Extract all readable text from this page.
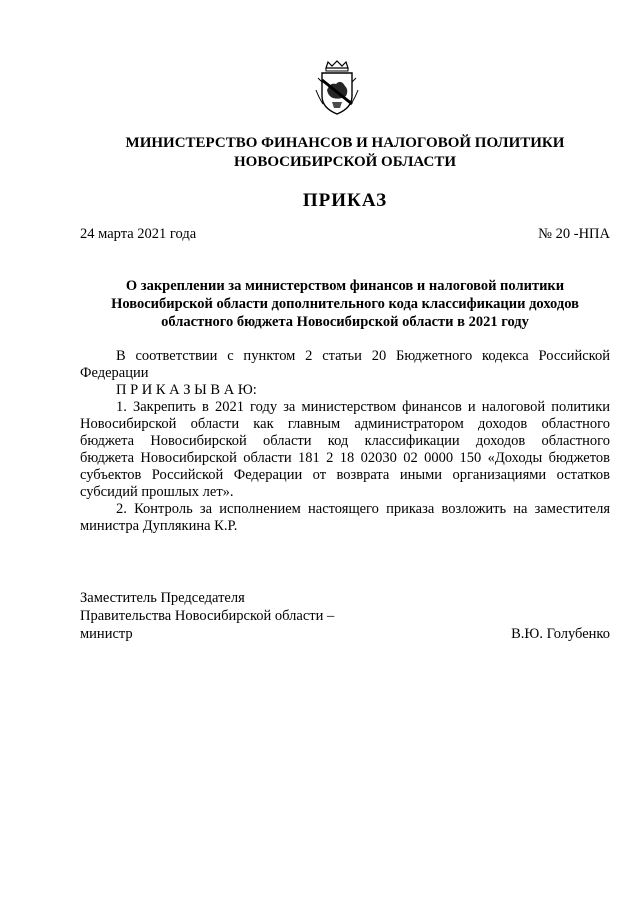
МИНИСТЕРСТВО ФИНАНСОВ И НАЛОГОВОЙ ПОЛИТИКИ
НОВОСИБИРСКОЙ ОБЛАСТИ
ПРИКАЗ
24 марта 2021 года	№ 20 -НПА
О закреплении за министерством финансов и налоговой политики
Новосибирской области дополнительного кода классификации доходов
областного бюджета Новосибирской области в 2021 году
В соответствии с пунктом 2 статьи 20 Бюджетного кодекса Российской
Федерации
П Р И К А З Ы В А Ю:
1. Закрепить в 2021 году за министерством финансов и налоговой политики
Новосибирской области как главным администратором доходов областного
бюджета Новосибирской области код классификации доходов областного
бюджета Новосибирской области 181 2 18 02030 02 0000 150 «Доходы бюджетов
субъектов Российской Федерации от возврата иными организациями остатков
субсидий прошлых лет».
2. Контроль за исполнением настоящего приказа возложить на заместителя
министра Дуплякина К.Р.
Заместитель Председателя
Правительства Новосибирской области –
министр	В.Ю. Голубенко
